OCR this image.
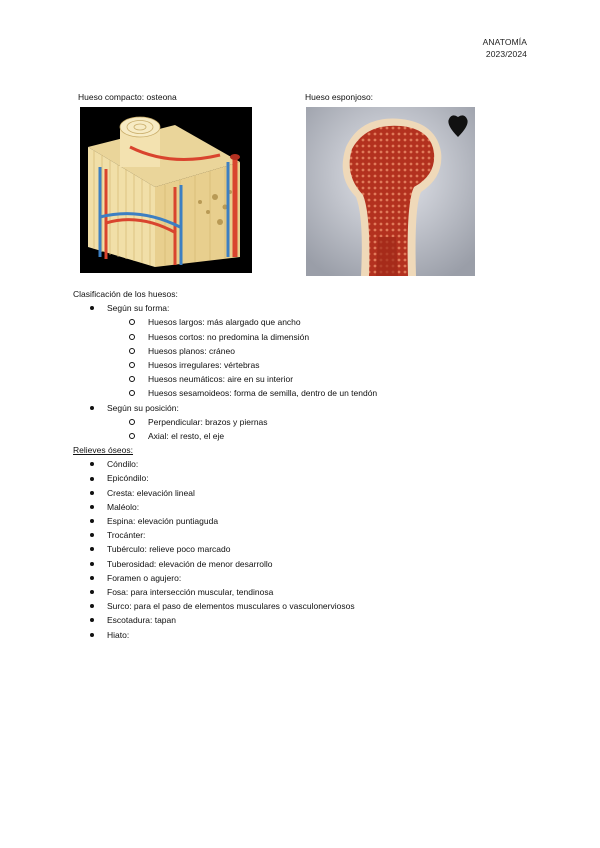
ANATOMÍA
2023/2024
Hueso compacto: osteona	Hueso esponjoso:
Clasificación de los huesos:
Según su forma:
Huesos largos: más alargado que ancho
Huesos cortos: no predomina la dimensión
Huesos planos: cráneo
Huesos irregulares: vértebras
Huesos neumáticos: aire en su interior
Huesos sesamoideos: forma de semilla, dentro de un tendón
Según su posición:
Perpendicular: brazos y piernas
Axial: el resto, el eje
Relieves óseos:
Cóndilo:
Epicóndilo:
Cresta: elevación lineal
Maléolo:
Espina: elevación puntiaguda
Trocánter:
Tubérculo: relieve poco marcado
Tuberosidad: elevación de menor desarrollo
Foramen o agujero:
Fosa: para intersección muscular, tendinosa
Surco: para el paso de elementos musculares o vasculonerviosos
Escotadura: tapan
Hiato:
